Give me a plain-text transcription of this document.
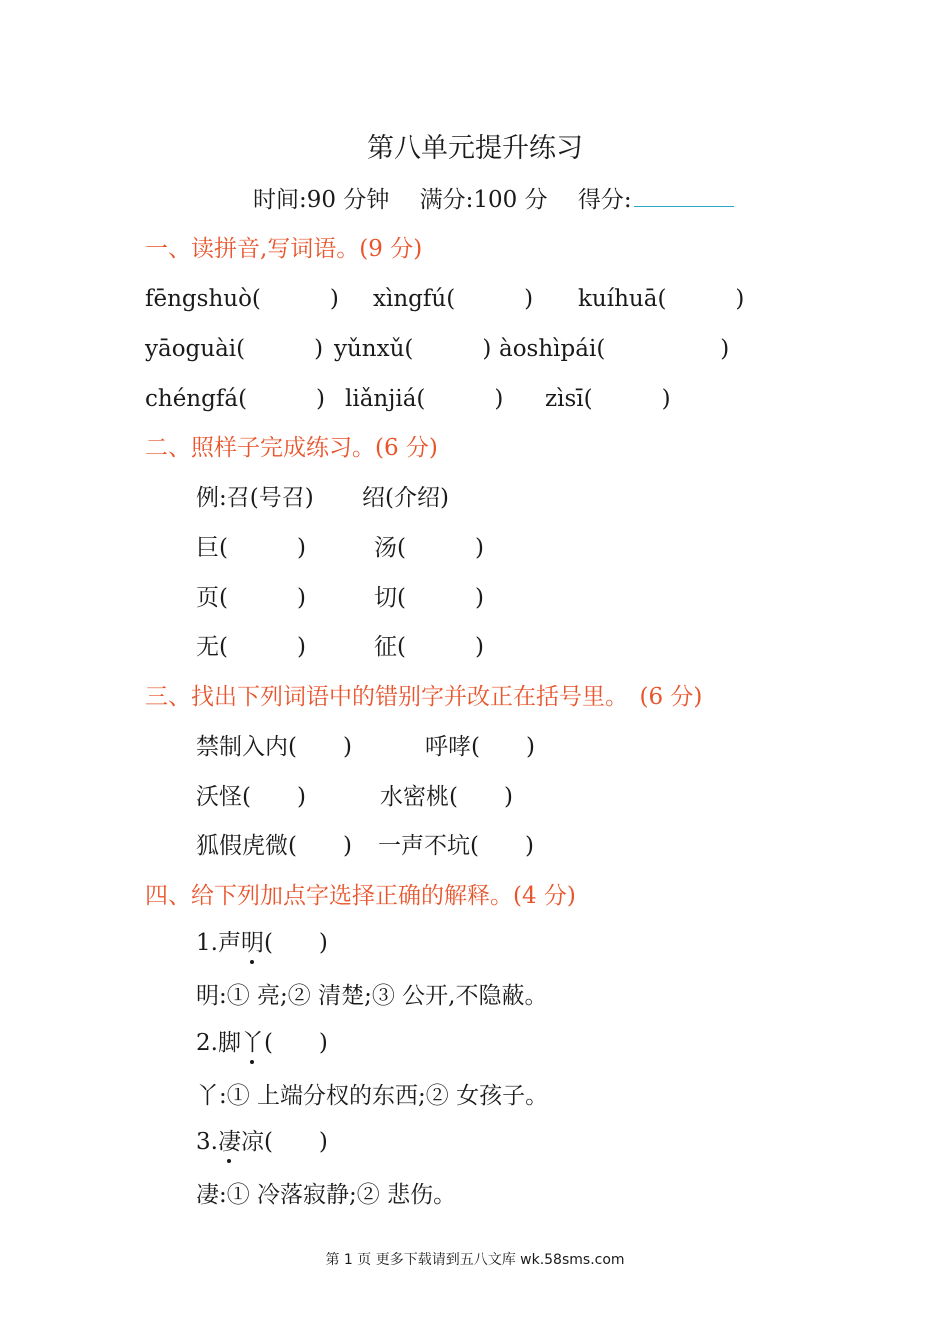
第八单元提升练习
时间:90 分钟　 满分:100 分　 得分:
一、读拼音,写词语。(9 分)
fēngshuò(　　　) xìngfú(　　　) kuíhuā(　　　)
yāoguài(　　　) yǔnxǔ(　　　) àoshìpái(　　　　　)
chéngfá(　　　) liǎnjiá(　　　) zìsī(　　　)
二、照样子完成练习。(6 分)
例:召(号召) 绍(介绍)
巨(　　　)	汤(　　　)
页(　　　)	切(　　　)
无(　　　)	征(　　　)
三、找出下列词语中的错别字并改正在括号里。　(6 分)
禁制入内(　　)	呼哮(　　)
沃怪(　　)	水密桃(　　)
狐假虎微(　　) 一声不坑(　　)
四、给下列加点字选择正确的解释。(4 分)
1.声明(　　)
明:① 亮;② 清楚;③ 公开,不隐蔽。
2.脚丫(　　)
丫:① 上端分杈的东西;② 女孩子。
3.凄凉(　　)
凄:① 冷落寂静;② 悲伤。
第 1 页 更多下载请到五八文库 wk.58sms.com
